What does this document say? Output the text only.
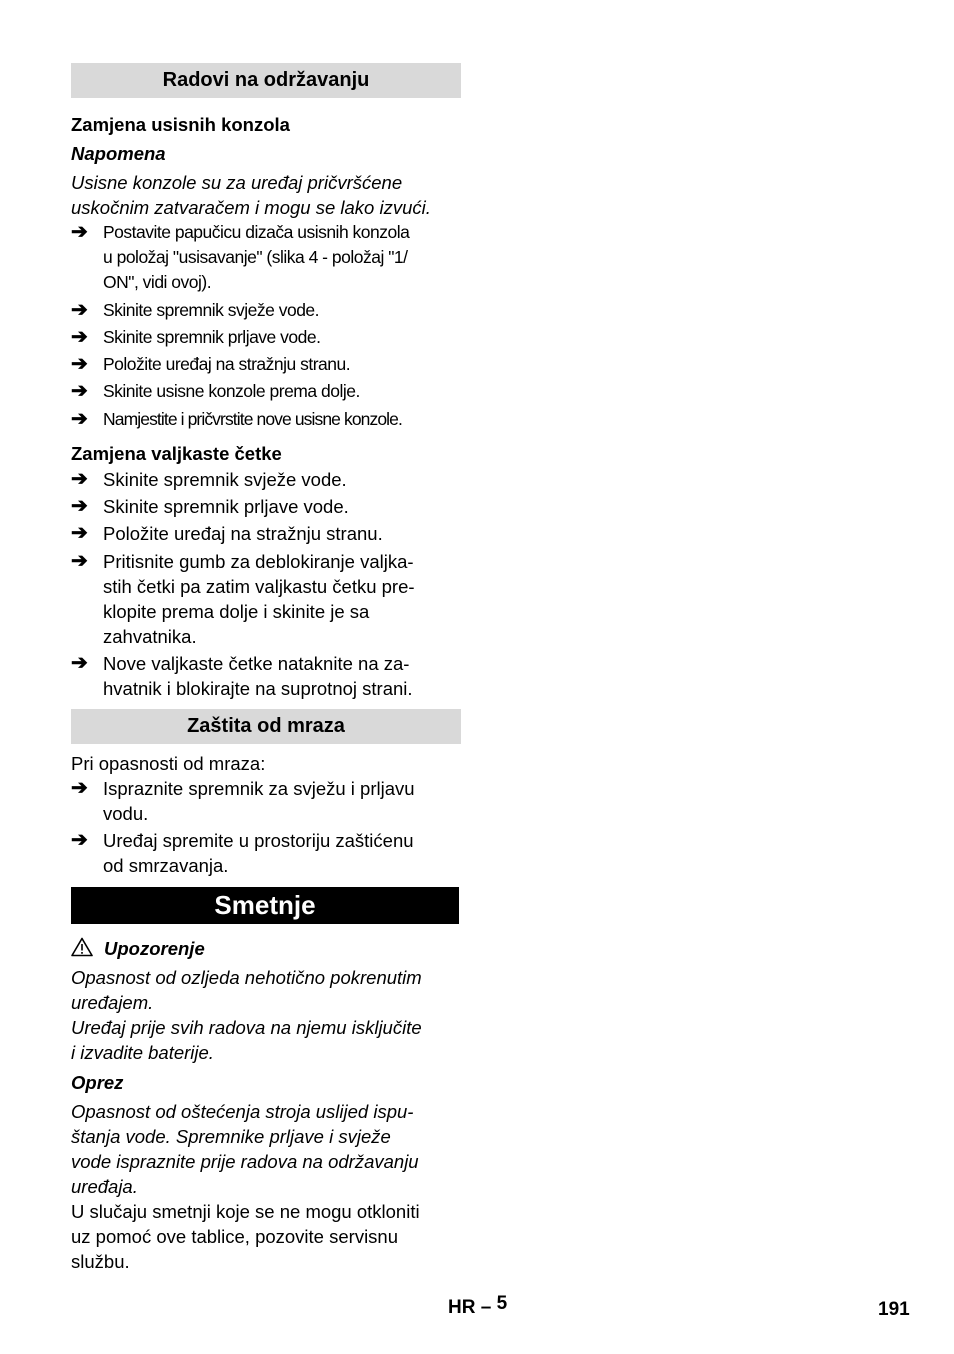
Radovi na održavanju
Zamjena usisnih konzola
Napomena
Usisne konzole su za uređaj pričvršćene
uskočnim zatvaračem i mogu se lako izvući.
➔ Postavite papučicu dizača usisnih konzola
u položaj "usisavanje" (slika 4 - položaj "1/
ON", vidi ovoj).
➔ Skinite spremnik svježe vode.
➔ Skinite spremnik prljave vode.
➔ Položite uređaj na stražnju stranu.
➔ Skinite usisne konzole prema dolje.
➔ Namjestite i pričvrstite nove usisne konzole.
Zamjena valjkaste četke
➔ Skinite spremnik svježe vode.
➔ Skinite spremnik prljave vode.
➔ Položite uređaj na stražnju stranu.
➔ Pritisnite gumb za deblokiranje valjka-
stih četki pa zatim valjkastu četku pre-
klopite prema dolje i skinite je sa
zahvatnika.
➔ Nove valjkaste četke nataknite na za-
hvatnik i blokirajte na suprotnoj strani.
Zaštita od mraza
Pri opasnosti od mraza:
➔ Ispraznite spremnik za svježu i prljavu
vodu.
➔ Uređaj spremite u prostoriju zaštićenu
od smrzavanja.
Smetnje
Upozorenje
Opasnost od ozljeda nehotično pokrenutim
uređajem.
Uređaj prije svih radova na njemu isključite
i izvadite baterije.
Oprez
Opasnost od oštećenja stroja uslijed ispu-
štanja vode. Spremnike prljave i svježe
vode ispraznite prije radova na održavanju
uređaja.
U slučaju smetnji koje se ne mogu otkloniti
uz pomoć ove tablice, pozovite servisnu
službu.
HR – 5	191
